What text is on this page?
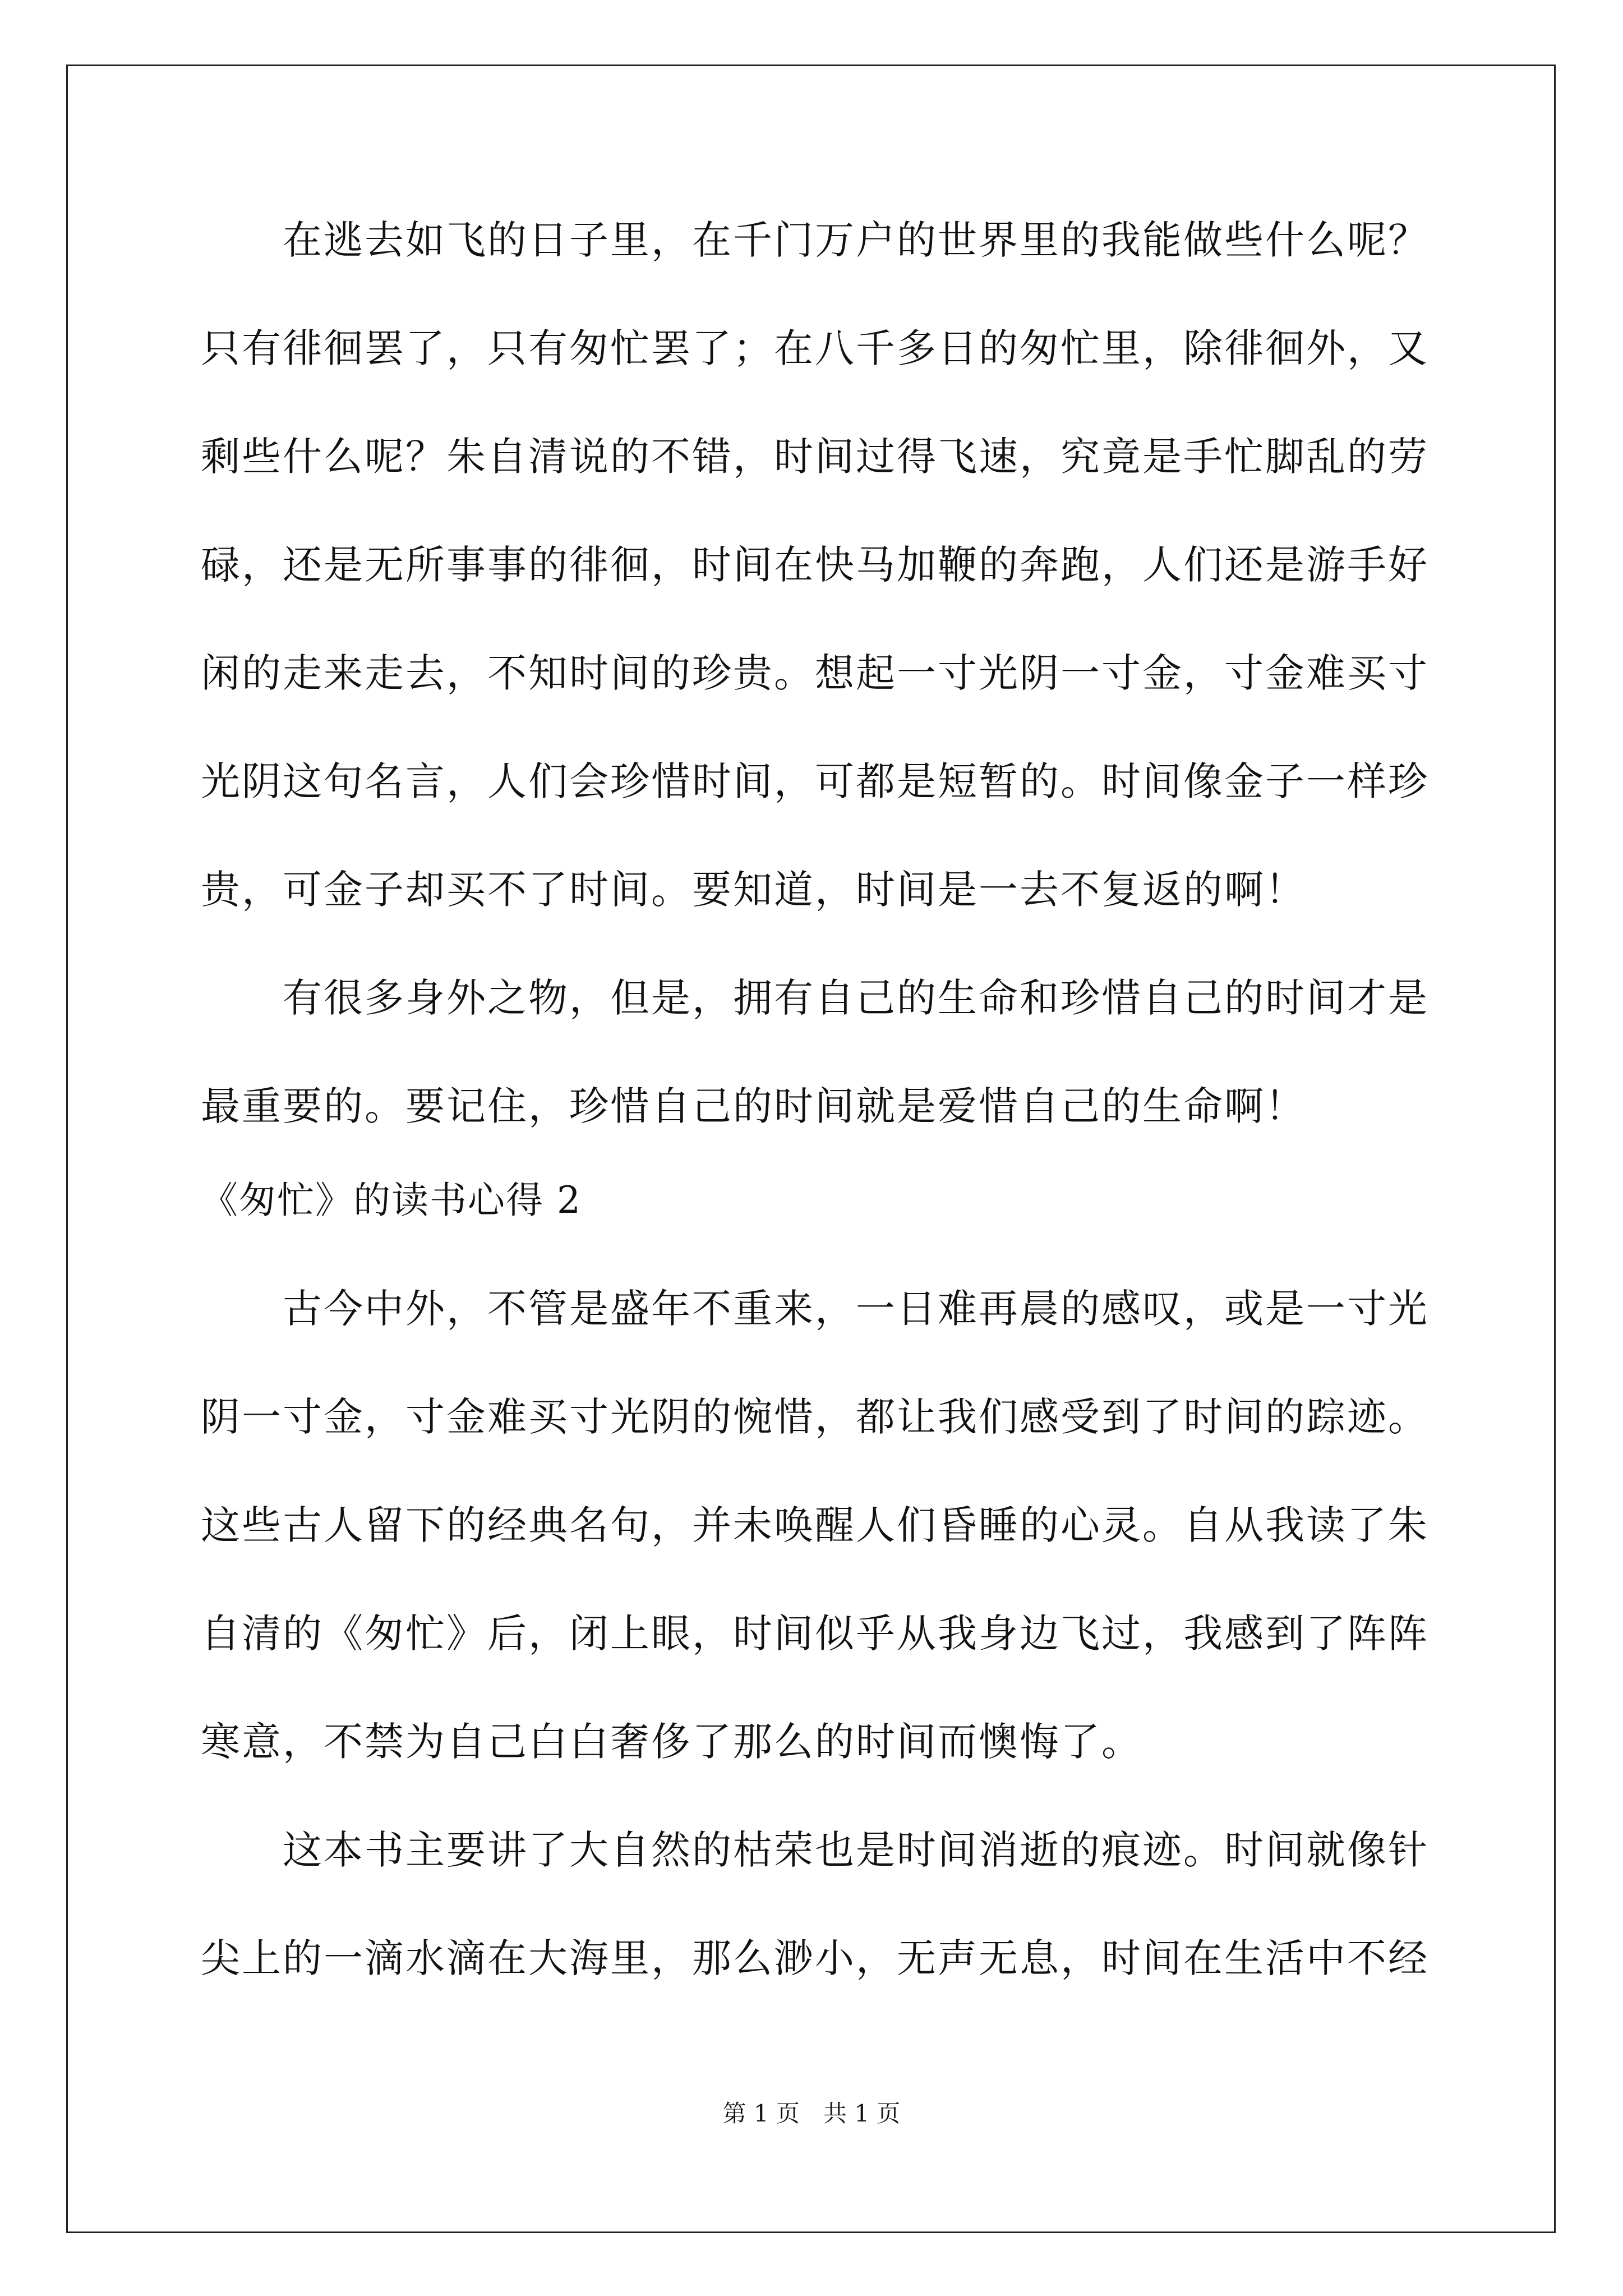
　　在逃去如飞的日子里，在千门万户的世界里的我能做些什么呢？
只有徘徊罢了，只有匆忙罢了；在八千多日的匆忙里，除徘徊外，又
剩些什么呢？朱自清说的不错，时间过得飞速，究竟是手忙脚乱的劳
碌，还是无所事事的徘徊，时间在快马加鞭的奔跑，人们还是游手好
闲的走来走去，不知时间的珍贵。想起一寸光阴一寸金，寸金难买寸
光阴这句名言，人们会珍惜时间，可都是短暂的。时间像金子一样珍
贵，可金子却买不了时间。要知道，时间是一去不复返的啊！
　　有很多身外之物，但是，拥有自己的生命和珍惜自己的时间才是
最重要的。要记住，珍惜自己的时间就是爱惜自己的生命啊！
《匆忙》的读书心得 2
　　古今中外，不管是盛年不重来，一日难再晨的感叹，或是一寸光
阴一寸金，寸金难买寸光阴的惋惜，都让我们感受到了时间的踪迹。
这些古人留下的经典名句，并未唤醒人们昏睡的心灵。自从我读了朱
自清的《匆忙》后，闭上眼，时间似乎从我身边飞过，我感到了阵阵
寒意，不禁为自己白白奢侈了那么的时间而懊悔了。
　　这本书主要讲了大自然的枯荣也是时间消逝的痕迹。时间就像针
尖上的一滴水滴在大海里，那么渺小，无声无息，时间在生活中不经
第 1 页　共 1 页
